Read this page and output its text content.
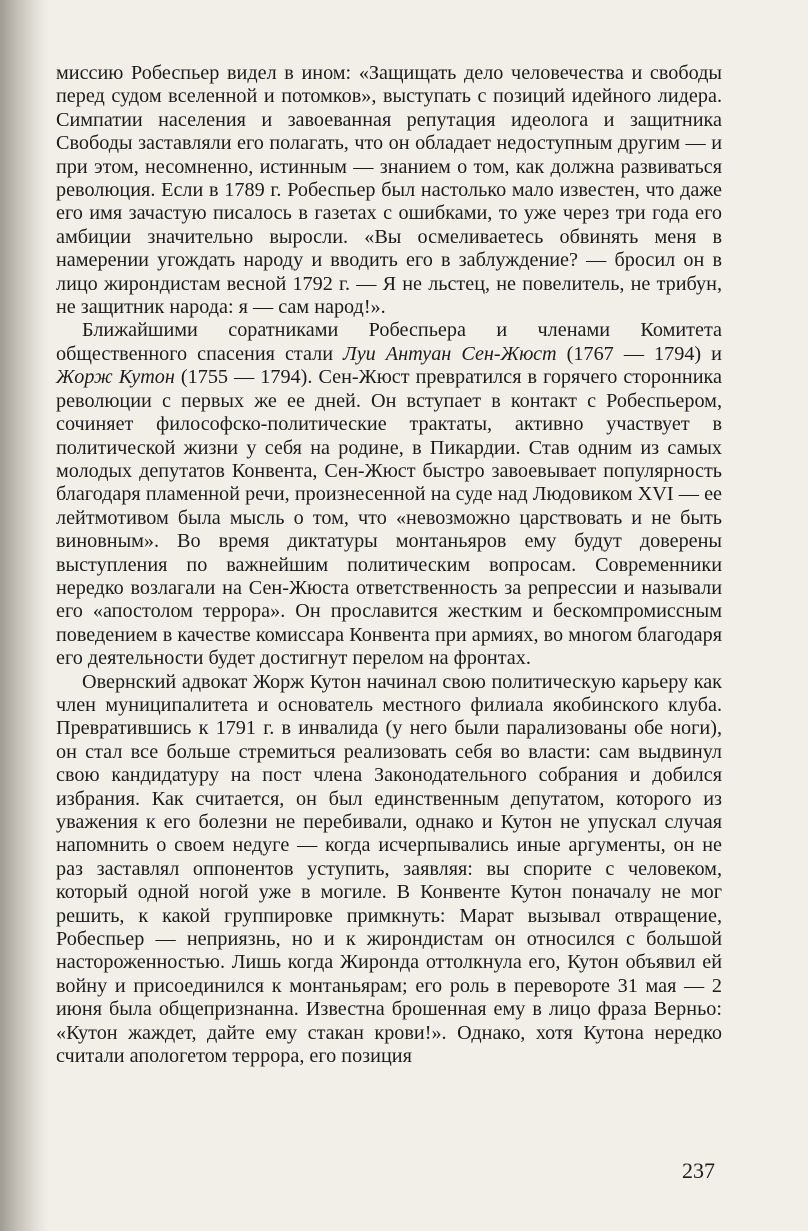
миссию Робеспьер видел в ином: «Защищать дело человечества и свободы перед судом вселенной и потомков», выступать с позиций идейного лидера. Симпатии населения и завоеванная репутация идеолога и защитника Свободы заставляли его полагать, что он обладает недоступным другим — и при этом, несомненно, истинным — знанием о том, как должна развиваться революция. Если в 1789 г. Робеспьер был настолько мало известен, что даже его имя зачастую писалось в газетах с ошибками, то уже через три года его амбиции значительно выросли. «Вы осмеливаетесь обвинять меня в намерении угождать народу и вводить его в заблуждение? — бросил он в лицо жирондистам весной 1792 г. — Я не льстец, не повелитель, не трибун, не защитник народа: я — сам народ!».

Ближайшими соратниками Робеспьера и членами Комитета общественного спасения стали Луи Антуан Сен-Жюст (1767 — 1794) и Жорж Кутон (1755 — 1794). Сен-Жюст превратился в горячего сторонника революции с первых же ее дней. Он вступает в контакт с Робеспьером, сочиняет философско-политические трактаты, активно участвует в политической жизни у себя на родине, в Пикардии. Став одним из самых молодых депутатов Конвента, Сен-Жюст быстро завоевывает популярность благодаря пламенной речи, произнесенной на суде над Людовиком XVI — ее лейтмотивом была мысль о том, что «невозможно царствовать и не быть виновным». Во время диктатуры монтаньяров ему будут доверены выступления по важнейшим политическим вопросам. Современники нередко возлагали на Сен-Жюста ответственность за репрессии и называли его «апостолом террора». Он прославится жестким и бескомпромиссным поведением в качестве комиссара Конвента при армиях, во многом благодаря его деятельности будет достигнут перелом на фронтах.

Овернский адвокат Жорж Кутон начинал свою политическую карьеру как член муниципалитета и основатель местного филиала якобинского клуба. Превратившись к 1791 г. в инвалида (у него были парализованы обе ноги), он стал все больше стремиться реализовать себя во власти: сам выдвинул свою кандидатуру на пост члена Законодательного собрания и добился избрания. Как считается, он был единственным депутатом, которого из уважения к его болезни не перебивали, однако и Кутон не упускал случая напомнить о своем недуге — когда исчерпывались иные аргументы, он не раз заставлял оппонентов уступить, заявляя: вы спорите с человеком, который одной ногой уже в могиле. В Конвенте Кутон поначалу не мог решить, к какой группировке примкнуть: Марат вызывал отвращение, Робеспьер — неприязнь, но и к жирондистам он относился с большой настороженностью. Лишь когда Жиронда оттолкнула его, Кутон объявил ей войну и присоединился к монтаньярам; его роль в перевороте 31 мая — 2 июня была общепризнанна. Известна брошенная ему в лицо фраза Верньо: «Кутон жаждет, дайте ему стакан крови!». Однако, хотя Кутона нередко считали апологетом террора, его позиция

237
